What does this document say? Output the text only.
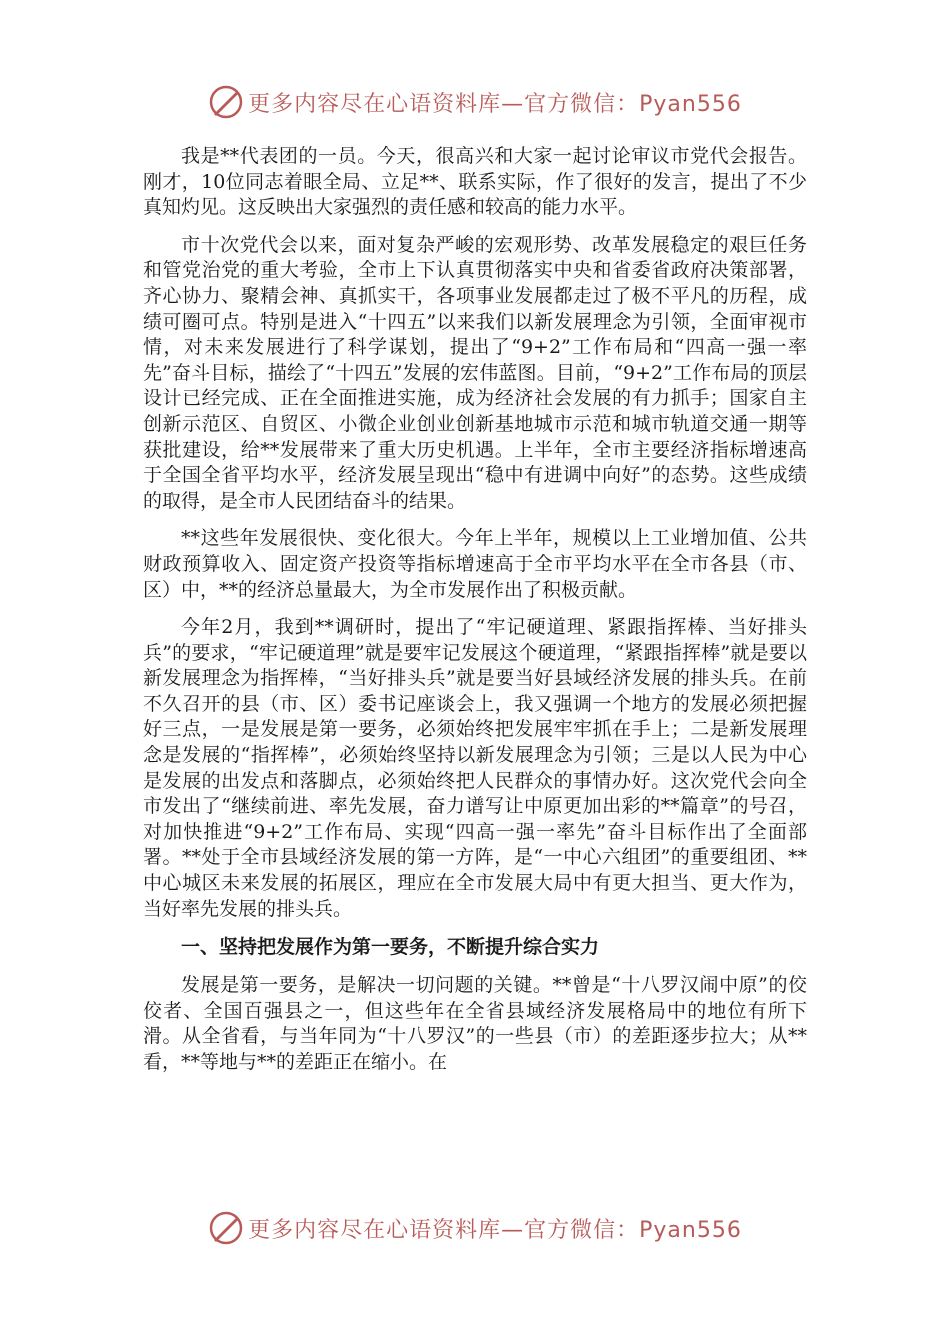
更多内容尽在心语资料库—官方微信：Pyan556

我是**代表团的一员。今天，很高兴和大家一起讨论审议市党代会报告。刚才，10位同志着眼全局、立足**、联系实际，作了很好的发言，提出了不少真知灼见。这反映出大家强烈的责任感和较高的能力水平。

市十次党代会以来，面对复杂严峻的宏观形势、改革发展稳定的艰巨任务和管党治党的重大考验，全市上下认真贯彻落实中央和省委省政府决策部署，齐心协力、聚精会神、真抓实干，各项事业发展都走过了极不平凡的历程，成绩可圈可点。特别是进入“十四五”以来我们以新发展理念为引领，全面审视市情，对未来发展进行了科学谋划，提出了“9+2”工作布局和“四高一强一率先”奋斗目标，描绘了“十四五”发展的宏伟蓝图。目前，“9+2”工作布局的顶层设计已经完成、正在全面推进实施，成为经济社会发展的有力抓手；国家自主创新示范区、自贸区、小微企业创业创新基地城市示范和城市轨道交通一期等获批建设，给**发展带来了重大历史机遇。上半年，全市主要经济指标增速高于全国全省平均水平，经济发展呈现出“稳中有进调中向好”的态势。这些成绩的取得，是全市人民团结奋斗的结果。

**这些年发展很快、变化很大。今年上半年，规模以上工业增加值、公共财政预算收入、固定资产投资等指标增速高于全市平均水平在全市各县（市、区）中，**的经济总量最大，为全市发展作出了积极贡献。

今年2月，我到**调研时，提出了“牢记硬道理、紧跟指挥棒、当好排头兵”的要求，“牢记硬道理”就是要牢记发展这个硬道理，“紧跟指挥棒”就是要以新发展理念为指挥棒，“当好排头兵”就是要当好县域经济发展的排头兵。在前不久召开的县（市、区）委书记座谈会上，我又强调一个地方的发展必须把握好三点，一是发展是第一要务，必须始终把发展牢牢抓在手上；二是新发展理念是发展的“指挥棒”，必须始终坚持以新发展理念为引领；三是以人民为中心是发展的出发点和落脚点，必须始终把人民群众的事情办好。这次党代会向全市发出了“继续前进、率先发展，奋力谱写让中原更加出彩的**篇章”的号召，对加快推进“9+2”工作布局、实现“四高一强一率先”奋斗目标作出了全面部署。**处于全市县域经济发展的第一方阵，是“一中心六组团”的重要组团、**中心城区未来发展的拓展区，理应在全市发展大局中有更大担当、更大作为，当好率先发展的排头兵。

一、坚持把发展作为第一要务，不断提升综合实力

发展是第一要务，是解决一切问题的关键。**曾是“十八罗汉闹中原”的佼佼者、全国百强县之一，但这些年在全省县域经济发展格局中的地位有所下滑。从全省看，与当年同为“十八罗汉”的一些县（市）的差距逐步拉大；从**看，**等地与**的差距正在缩小。在

更多内容尽在心语资料库—官方微信：Pyan556
